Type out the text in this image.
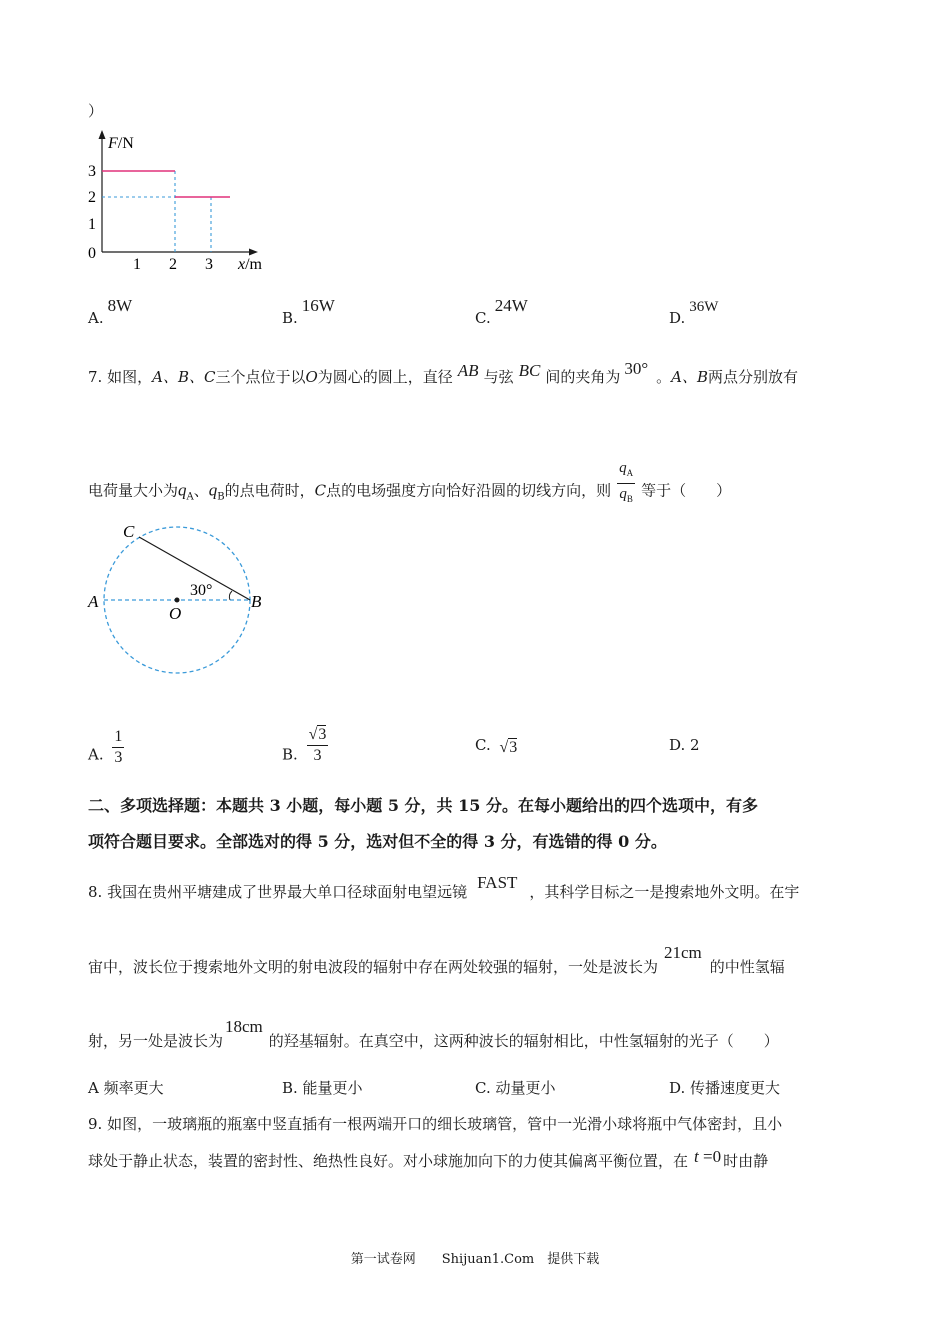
）
F/N
3
2
1
0
1 2 3 x/m
A.8W
B.16W
C.24W
D.36W
7. 如图，A、B、C三个点位于以O为圆心的圆上，直径 AB 与弦 BC 间的夹角为 30° 。A、B两点分别放有
电荷量大小为$q_A$、$q_B$的点电荷时，C点的电场强度方向恰好沿圆的切线方向，则 $\frac{q_A}{q_B}$ 等于（　　）
C
A
O
B
30°
A. $\frac{1}{3}$	B. $\frac{√3}{3}$	C. √3	D. 2
二、多项选择题：本题共 3 小题，每小题 5 分，共 15 分。在每小题给出的四个选项中，有多
项符合题目要求。全部选对的得 5 分，选对但不全的得 3 分，有选错的得 0 分。
8. 我国在贵州平塘建成了世界最大单口径球面射电望远镜 FAST ，其科学目标之一是搜索地外文明。在宇
宙中，波长位于搜索地外文明的射电波段的辐射中存在两处较强的辐射，一处是波长为21cm的中性氢辐
射，另一处是波长为18cm的羟基辐射。在真空中，这两种波长的辐射相比，中性氢辐射的光子（　　）
A 频率更大	B. 能量更小	C. 动量更小	D. 传播速度更大
9. 如图，一玻璃瓶的瓶塞中竖直插有一根两端开口的细长玻璃管，管中一光滑小球将瓶中气体密封，且小
球处于静止状态，装置的密封性、绝热性良好。对小球施加向下的力使其偏离平衡位置，在 t =0 时由静
第一试卷网　　Shijuan1.Com　提供下载
